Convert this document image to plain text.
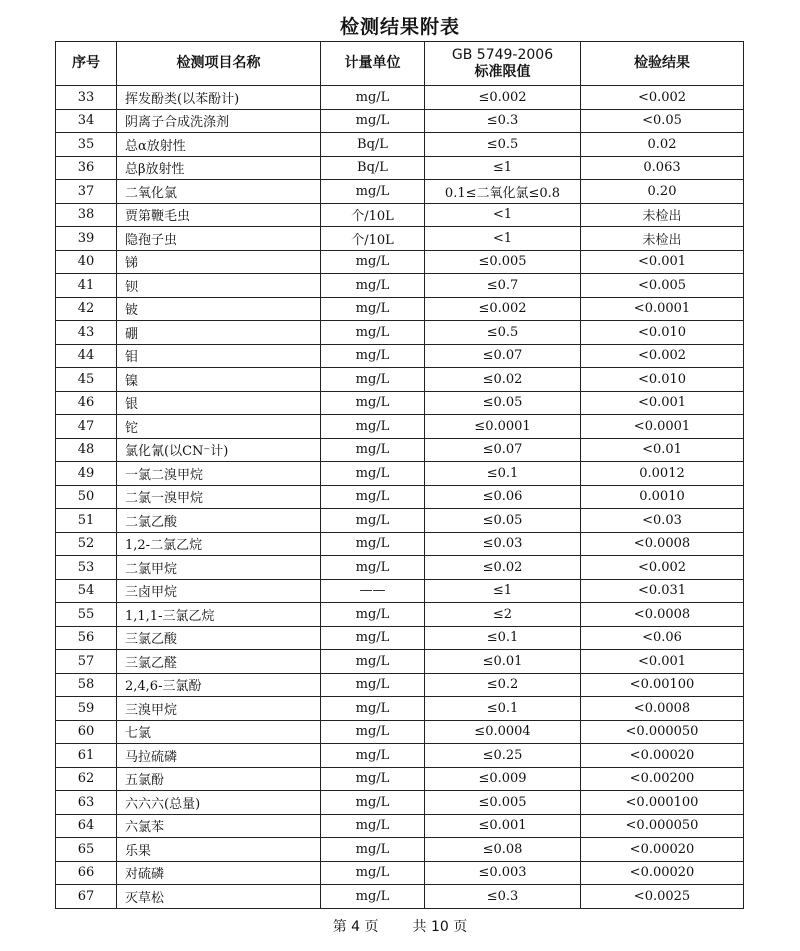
检测结果附表
序号	检测项目名称	计量单位	GB 5749-2006
标准限值	检验结果
33	挥发酚类(以苯酚计)	mg/L	≤0.002	<0.002
34	阴离子合成洗涤剂	mg/L	≤0.3	<0.05
35	总α放射性	Bq/L	≤0.5	0.02
36	总β放射性	Bq/L	≤1	0.063
37	二氧化氯	mg/L	0.1≤二氧化氯≤0.8	0.20
38	贾第鞭毛虫	个/10L	<1	未检出
39	隐孢子虫	个/10L	<1	未检出
40	锑	mg/L	≤0.005	<0.001
41	钡	mg/L	≤0.7	<0.005
42	铍	mg/L	≤0.002	<0.0001
43	硼	mg/L	≤0.5	<0.010
44	钼	mg/L	≤0.07	<0.002
45	镍	mg/L	≤0.02	<0.010
46	银	mg/L	≤0.05	<0.001
47	铊	mg/L	≤0.0001	<0.0001
48	氯化氰(以CN⁻计)	mg/L	≤0.07	<0.01
49	一氯二溴甲烷	mg/L	≤0.1	0.0012
50	二氯一溴甲烷	mg/L	≤0.06	0.0010
51	二氯乙酸	mg/L	≤0.05	<0.03
52	1,2-二氯乙烷	mg/L	≤0.03	<0.0008
53	二氯甲烷	mg/L	≤0.02	<0.002
54	三卤甲烷	——	≤1	<0.031
55	1,1,1-三氯乙烷	mg/L	≤2	<0.0008
56	三氯乙酸	mg/L	≤0.1	<0.06
57	三氯乙醛	mg/L	≤0.01	<0.001
58	2,4,6-三氯酚	mg/L	≤0.2	<0.00100
59	三溴甲烷	mg/L	≤0.1	<0.0008
60	七氯	mg/L	≤0.0004	<0.000050
61	马拉硫磷	mg/L	≤0.25	<0.00020
62	五氯酚	mg/L	≤0.009	<0.00200
63	六六六(总量)	mg/L	≤0.005	<0.000100
64	六氯苯	mg/L	≤0.001	<0.000050
65	乐果	mg/L	≤0.08	<0.00020
66	对硫磷	mg/L	≤0.003	<0.00020
67	灭草松	mg/L	≤0.3	<0.0025
第 4 页 共 10 页
